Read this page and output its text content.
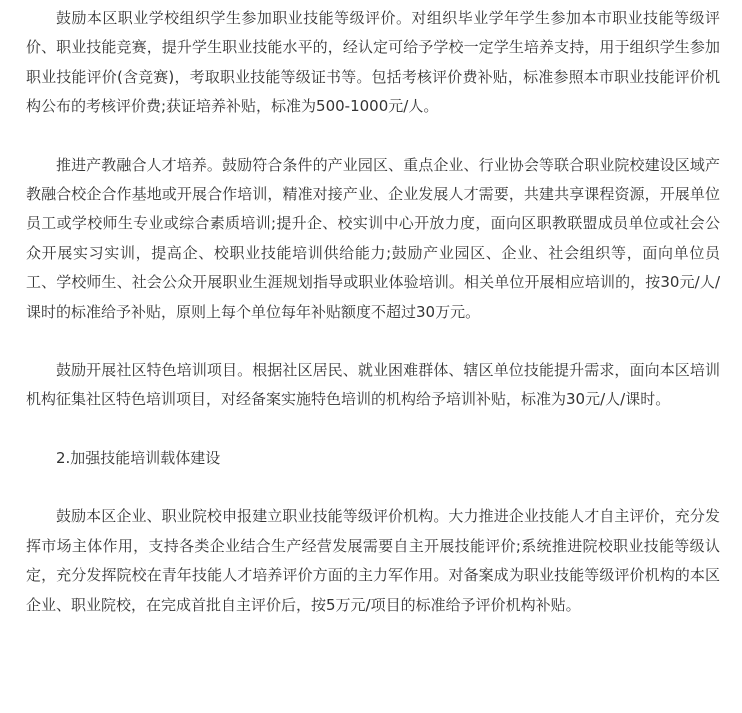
鼓励本区职业学校组织学生参加职业技能等级评价。对组织毕业学年学生参加本市职业技能等级评价、职业技能竞赛，提升学生职业技能水平的，经认定可给予学校一定学生培养支持，用于组织学生参加职业技能评价(含竞赛)，考取职业技能等级证书等。包括考核评价费补贴，标准参照本市职业技能评价机构公布的考核评价费;获证培养补贴，标准为500-1000元/人。

推进产教融合人才培养。鼓励符合条件的产业园区、重点企业、行业协会等联合职业院校建设区域产教融合校企合作基地或开展合作培训，精准对接产业、企业发展人才需要，共建共享课程资源，开展单位员工或学校师生专业或综合素质培训;提升企、校实训中心开放力度，面向区职教联盟成员单位或社会公众开展实习实训，提高企、校职业技能培训供给能力;鼓励产业园区、企业、社会组织等，面向单位员工、学校师生、社会公众开展职业生涯规划指导或职业体验培训。相关单位开展相应培训的，按30元/人/课时的标准给予补贴，原则上每个单位每年补贴额度不超过30万元。

鼓励开展社区特色培训项目。根据社区居民、就业困难群体、辖区单位技能提升需求，面向本区培训机构征集社区特色培训项目，对经备案实施特色培训的机构给予培训补贴，标准为30元/人/课时。

2.加强技能培训载体建设

鼓励本区企业、职业院校申报建立职业技能等级评价机构。大力推进企业技能人才自主评价，充分发挥市场主体作用，支持各类企业结合生产经营发展需要自主开展技能评价;系统推进院校职业技能等级认定，充分发挥院校在青年技能人才培养评价方面的主力军作用。对备案成为职业技能等级评价机构的本区企业、职业院校，在完成首批自主评价后，按5万元/项目的标准给予评价机构补贴。
